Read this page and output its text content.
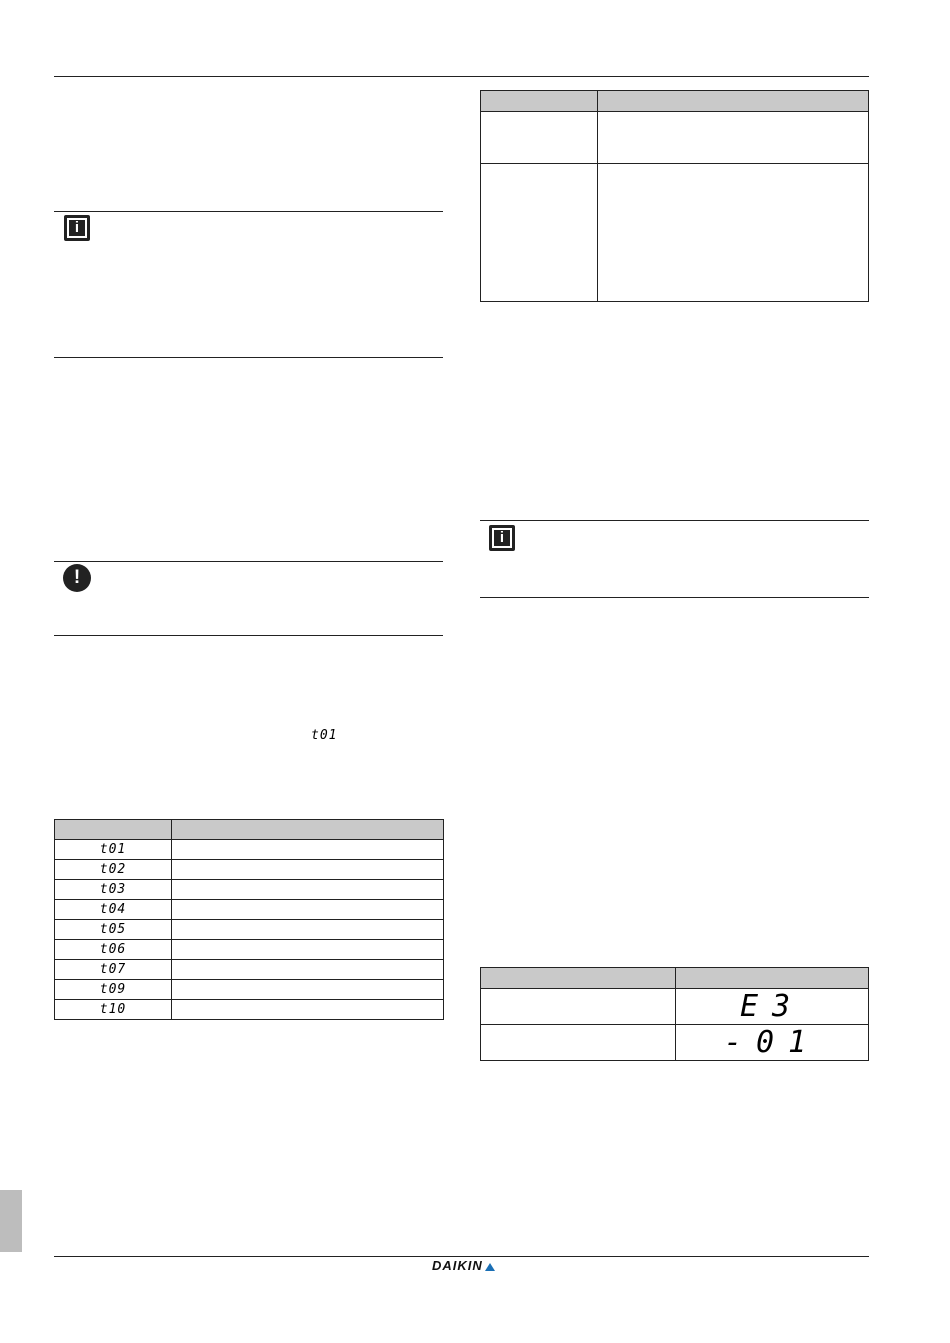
i
!
t01

t01	
t02	
t03	
t04	
t05	
t06	
t07	
t09	
t10	

i

	E3
	-01
DAIKIN
